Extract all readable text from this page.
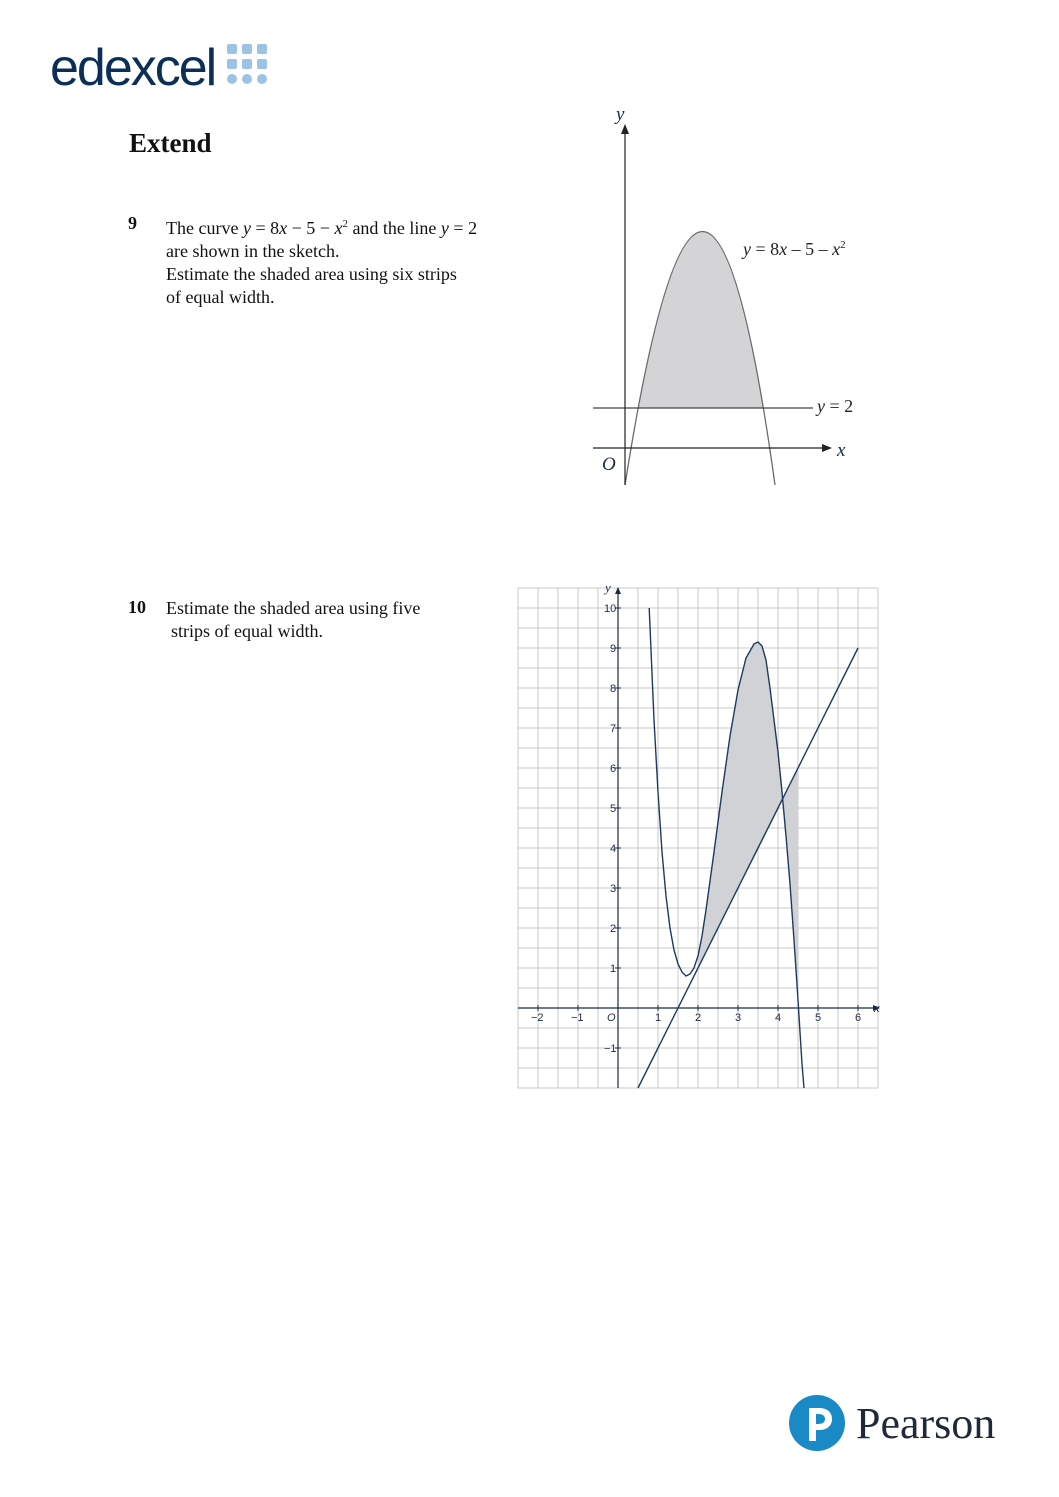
edexcel
Extend
9 The curve $y = 8x - 5 - x^2$ and the line y = 2
are shown in the sketch.
Estimate the shaded area using six strips
of equal width.
y
x
O
$y = 8x - 5 - x^2$
y = 2
10 Estimate the shaded area using five
strips of equal width.
−2 −1	1	2	3	4	5	6
−1
1
2
3
4
5
6
7
8
9
10
O
x
y
Pearson
